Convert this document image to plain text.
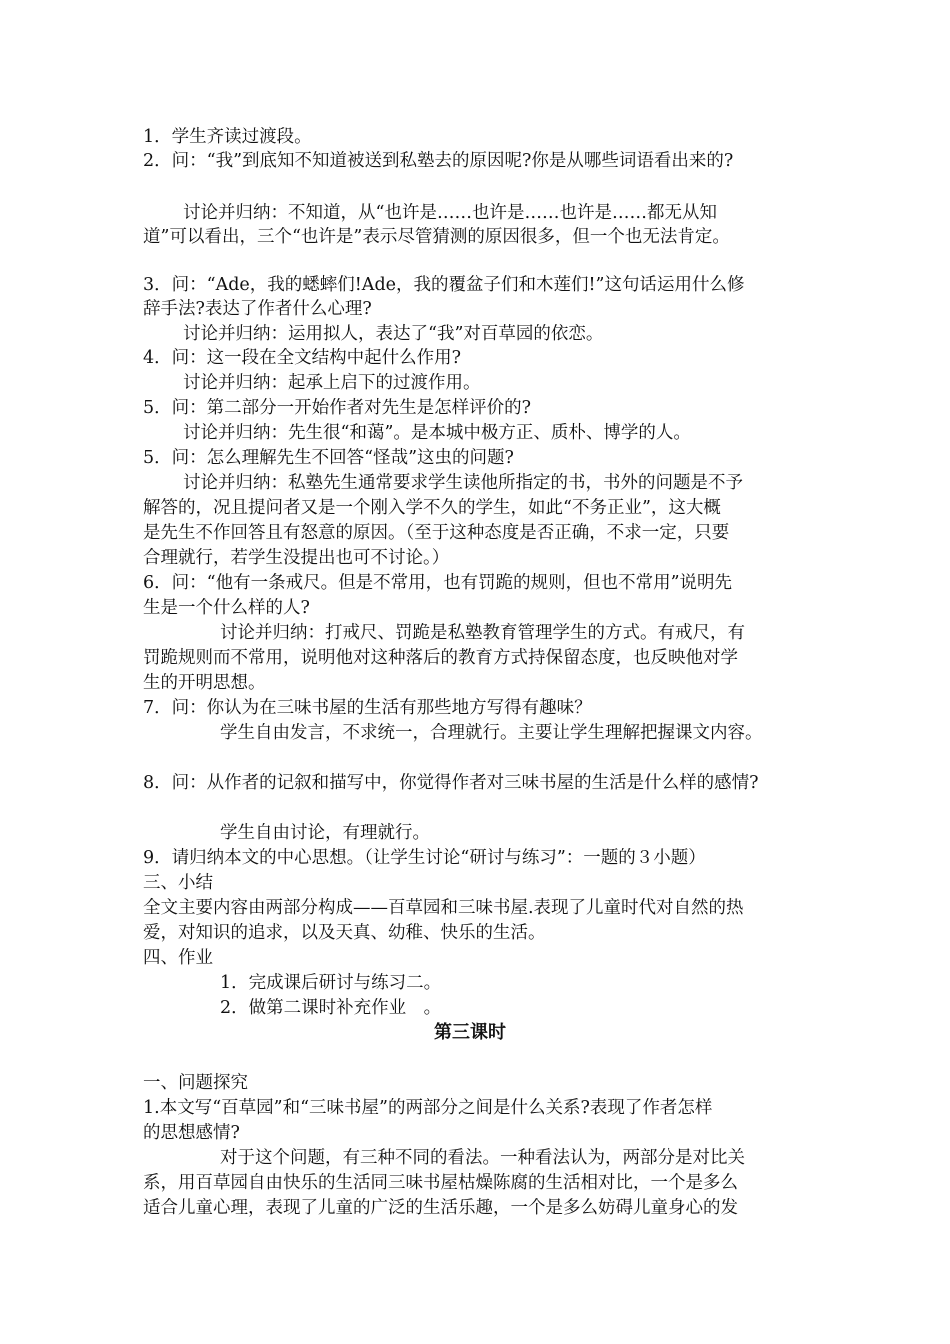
1．学生齐读过渡段。
2．问：“我”到底知不知道被送到私塾去的原因呢?你是从哪些词语看出来的?
讨论并归纳：不知道，从“也许是……也许是……也许是……都无从知
道”可以看出，三个“也许是”表示尽管猜测的原因很多，但一个也无法肯定。
3．问：“Ade，我的蟋蟀们!Ade，我的覆盆子们和木莲们!”这句话运用什么修
辞手法?表达了作者什么心理?
讨论并归纳：运用拟人，表达了“我”对百草园的依恋。
4．问：这一段在全文结构中起什么作用?
讨论并归纳：起承上启下的过渡作用。
5．问：第二部分一开始作者对先生是怎样评价的?
讨论并归纳：先生很“和蔼”。是本城中极方正、质朴、博学的人。
5．问：怎么理解先生不回答“怪哉”这虫的问题?
讨论并归纳：私塾先生通常要求学生读他所指定的书，书外的问题是不予
解答的，况且提问者又是一个刚入学不久的学生，如此“不务正业”，这大概
是先生不作回答且有怒意的原因。（至于这种态度是否正确，不求一定，只要
合理就行，若学生没提出也可不讨论。）
6．问：“他有一条戒尺。但是不常用，也有罚跪的规则，但也不常用”说明先
生是一个什么样的人?
讨论并归纳：打戒尺、罚跪是私塾教育管理学生的方式。有戒尺，有
罚跪规则而不常用，说明他对这种落后的教育方式持保留态度，也反映他对学
生的开明思想。
7．问：你认为在三味书屋的生活有那些地方写得有趣味？
学生自由发言，不求统一，合理就行。主要让学生理解把握课文内容。
8．问：从作者的记叙和描写中，你觉得作者对三味书屋的生活是什么样的感情?
学生自由讨论，有理就行。
9．请归纳本文的中心思想。（让学生讨论“研讨与练习”：一题的３小题）
三、小结
全文主要内容由两部分构成——百草园和三味书屋.表现了儿童时代对自然的热
爱，对知识的追求，以及天真、幼稚、快乐的生活。
四、作业
1．完成课后研讨与练习二。
2．做第二课时补充作业　。
第三课时
一、问题探究
1.本文写“百草园”和“三味书屋”的两部分之间是什么关系?表现了作者怎样
的思想感情?
对于这个问题，有三种不同的看法。一种看法认为，两部分是对比关
系，用百草园自由快乐的生活同三味书屋枯燥陈腐的生活相对比，一个是多么
适合儿童心理，表现了儿童的广泛的生活乐趣，一个是多么妨碍儿童身心的发
